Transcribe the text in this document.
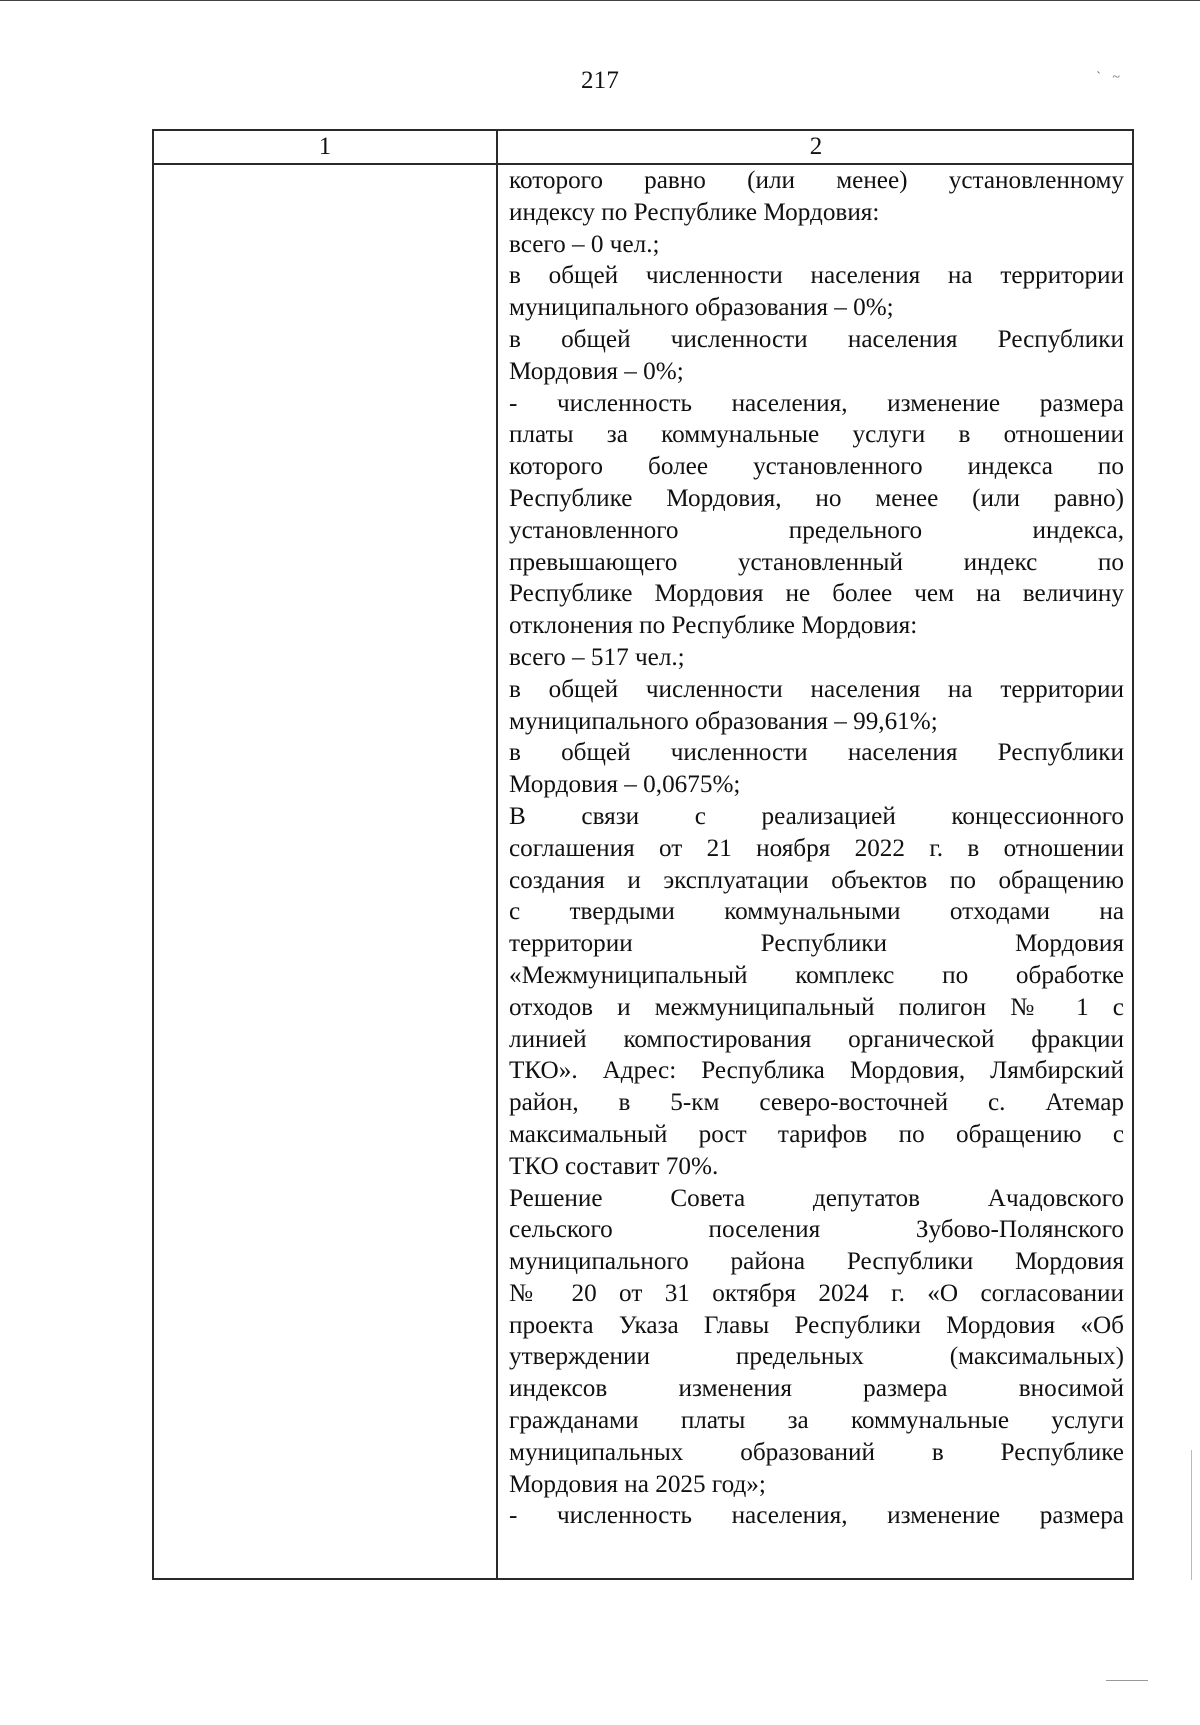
217	` ~
1	2
которого равно (или менее) установленному
индексу по Республике Мордовия:
всего – 0 чел.;
в общей численности населения на территории
муниципального образования – 0%;
в общей численности населения Республики
Мордовия – 0%;
- численность населения, изменение размера
платы за коммунальные услуги в отношении
которого более установленного индекса по
Республике Мордовия, но менее (или равно)
установленного предельного индекса,
превышающего установленный индекс по
Республике Мордовия не более чем на величину
отклонения по Республике Мордовия:
всего – 517 чел.;
в общей численности населения на территории
муниципального образования – 99,61%;
в общей численности населения Республики
Мордовия – 0,0675%;
В связи с реализацией концессионного
соглашения от 21 ноября 2022 г. в отношении
создания и эксплуатации объектов по обращению
с твердыми коммунальными отходами на
территории Республики Мордовия
«Межмуниципальный комплекс по обработке
отходов и межмуниципальный полигон № 1 с
линией компостирования органической фракции
ТКО». Адрес: Республика Мордовия, Лямбирский
район, в 5-км северо-восточней с. Атемар
максимальный рост тарифов по обращению с
ТКО составит 70%.
Решение Совета депутатов Ачадовского
сельского поселения Зубово-Полянского
муниципального района Республики Мордовия
№ 20 от 31 октября 2024 г. «О согласовании
проекта Указа Главы Республики Мордовия «Об
утверждении предельных (максимальных)
индексов изменения размера вносимой
гражданами платы за коммунальные услуги
муниципальных образований в Республике
Мордовия на 2025 год»;
- численность населения, изменение размера
